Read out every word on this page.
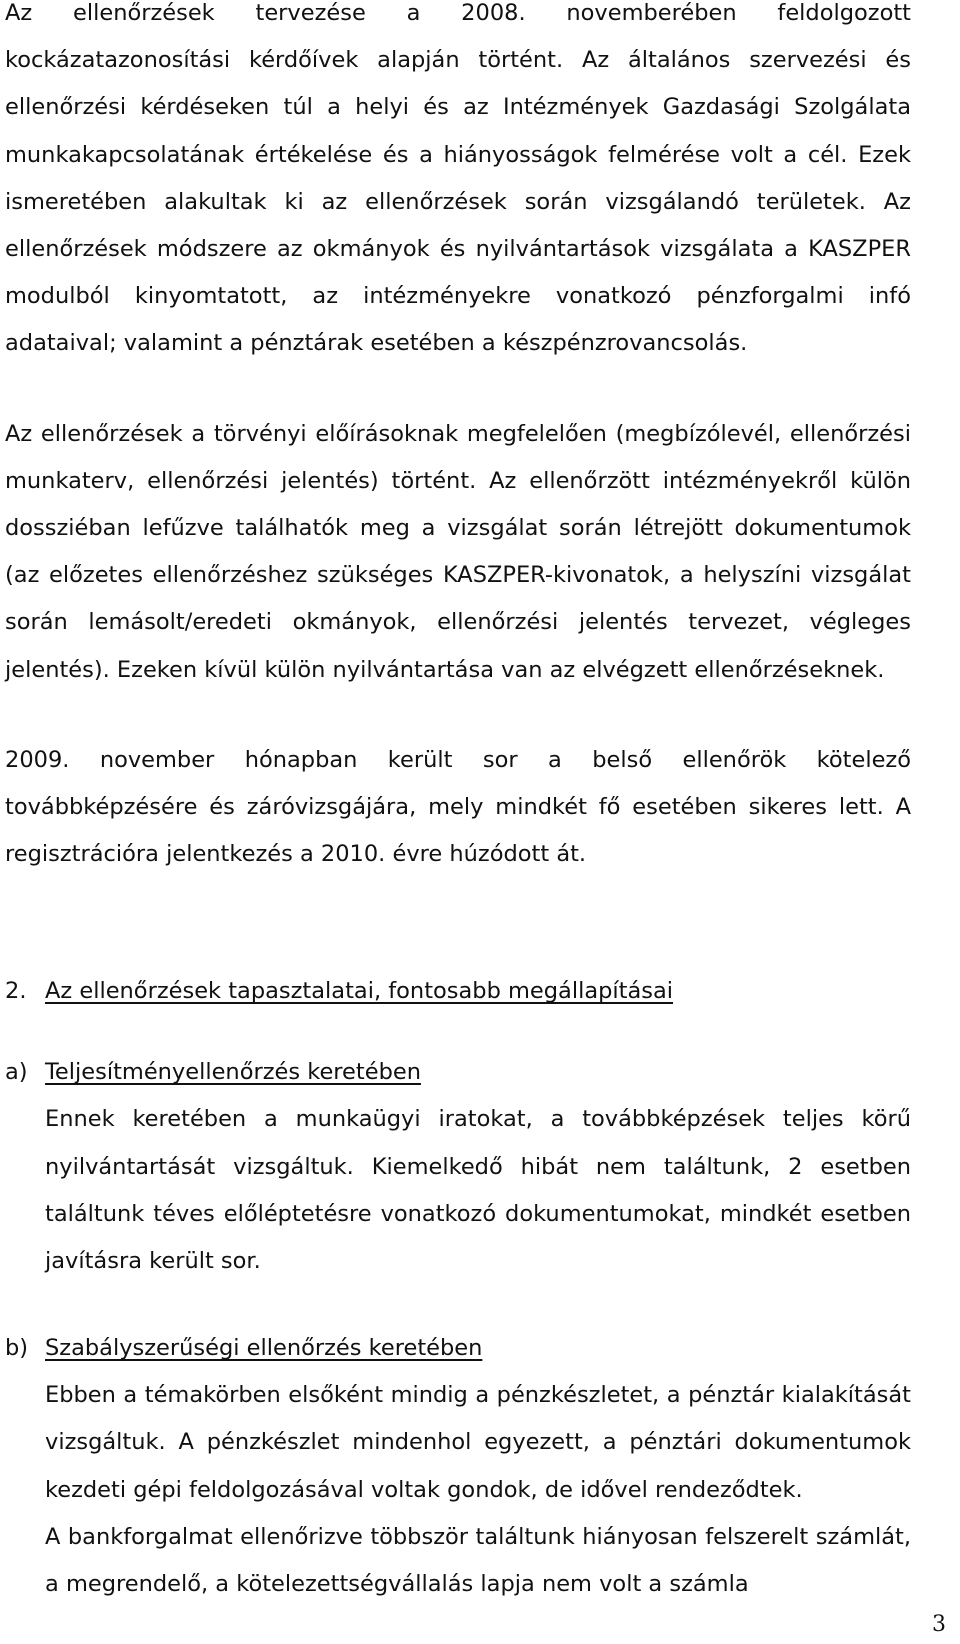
Az ellenőrzések tervezése a 2008. novemberében feldolgozott kockázatazonosítási kérdőívek alapján történt. Az általános szervezési és ellenőrzési kérdéseken túl a helyi és az Intézmények Gazdasági Szolgálata munkakapcsolatának értékelése és a hiányosságok felmérése volt a cél. Ezek ismeretében alakultak ki az ellenőrzések során vizsgálandó területek. Az ellenőrzések módszere az okmányok és nyilvántartások vizsgálata a KASZPER modulból kinyomtatott, az intézményekre vonatkozó pénzforgalmi infó adataival; valamint a pénztárak esetében a készpénzrovancsolás.

Az ellenőrzések a törvényi előírásoknak megfelelően (megbízólevél, ellenőrzési munkaterv, ellenőrzési jelentés) történt. Az ellenőrzött intézményekről külön dossziéban lefűzve találhatók meg a vizsgálat során létrejött dokumentumok (az előzetes ellenőrzéshez szükséges KASZPER-kivonatok, a helyszíni vizsgálat során lemásolt/eredeti okmányok, ellenőrzési jelentés tervezet, végleges jelentés). Ezeken kívül külön nyilvántartása van az elvégzett ellenőrzéseknek.

2009. november hónapban került sor a belső ellenőrök kötelező továbbképzésére és záróvizsgájára, mely mindkét fő esetében sikeres lett. A regisztrációra jelentkezés a 2010. évre húzódott át.

2. Az ellenőrzések tapasztalatai, fontosabb megállapításai
a) Teljesítményellenőrzés keretében

Ennek keretében a munkaügyi iratokat, a továbbképzések teljes körű nyilvántartását vizsgáltuk. Kiemelkedő hibát nem találtunk, 2 esetben találtunk téves előléptetésre vonatkozó dokumentumokat, mindkét esetben javításra került sor.

b) Szabályszerűségi ellenőrzés keretében

Ebben a témakörben elsőként mindig a pénzkészletet, a pénztár kialakítását vizsgáltuk. A pénzkészlet mindenhol egyezett, a pénztári dokumentumok kezdeti gépi feldolgozásával voltak gondok, de idővel rendeződtek.

A bankforgalmat ellenőrizve többször találtunk hiányosan felszerelt számlát, a megrendelő, a kötelezettségvállalás lapja nem volt a számla

3
